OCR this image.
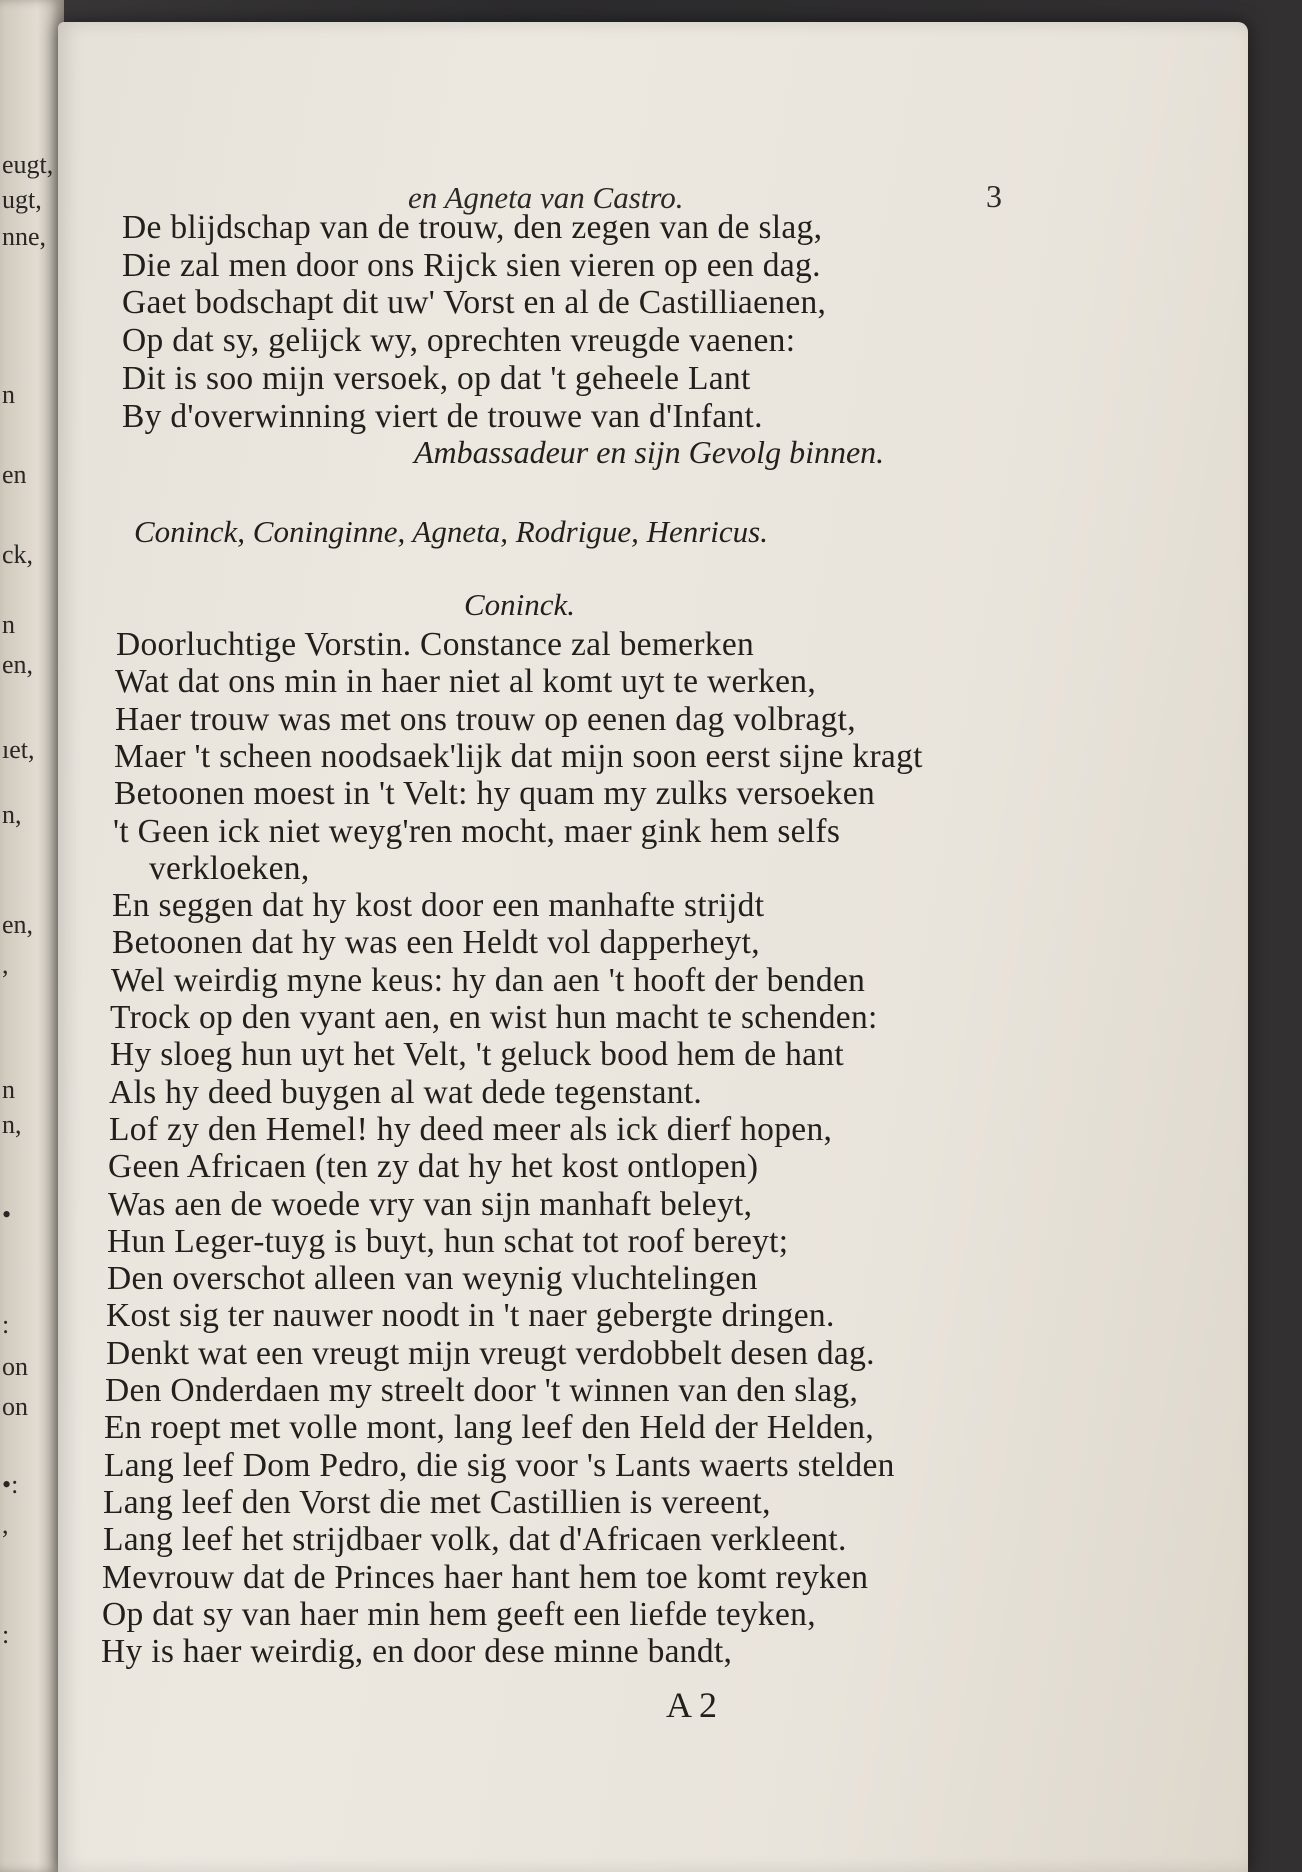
eugt,
ugt,
nne,
n
en
ck,
n
en,
ıet,
n,
en,
,
n
n,
•
:
on
on
•:
,
:
en Agneta van Castro.	3
De blijdschap van de trouw, den zegen van de slag,
Die zal men door ons Rijck sien vieren op een dag.
Gaet bodschapt dit uw' Vorst en al de Castilliaenen,
Op dat sy, gelijck wy, oprechten vreugde vaenen:
Dit is soo mijn versoek, op dat 't geheele Lant
By d'overwinning viert de trouwe van d'Infant.
Ambassadeur en sijn Gevolg binnen.
Coninck, Coninginne, Agneta, Rodrigue, Henricus.
Coninck.
Doorluchtige Vorstin. Constance zal bemerken
Wat dat ons min in haer niet al komt uyt te werken,
Haer trouw was met ons trouw op eenen dag volbragt,
Maer 't scheen noodsaek'lijk dat mijn soon eerst sijne kragt
Betoonen moest in 't Velt: hy quam my zulks versoeken
't Geen ick niet weyg'ren mocht, maer gink hem selfs
verkloeken,
En seggen dat hy kost door een manhafte strijdt
Betoonen dat hy was een Heldt vol dapperheyt,
Wel weirdig myne keus: hy dan aen 't hooft der benden
Trock op den vyant aen, en wist hun macht te schenden:
Hy sloeg hun uyt het Velt, 't geluck bood hem de hant
Als hy deed buygen al wat dede tegenstant.
Lof zy den Hemel! hy deed meer als ick dierf hopen,
Geen Africaen (ten zy dat hy het kost ontlopen)
Was aen de woede vry van sijn manhaft beleyt,
Hun Leger-tuyg is buyt, hun schat tot roof bereyt;
Den overschot alleen van weynig vluchtelingen
Kost sig ter nauwer noodt in 't naer gebergte dringen.
Denkt wat een vreugt mijn vreugt verdobbelt desen dag.
Den Onderdaen my streelt door 't winnen van den slag,
En roept met volle mont, lang leef den Held der Helden,
Lang leef Dom Pedro, die sig voor 's Lants waerts stelden
Lang leef den Vorst die met Castillien is vereent,
Lang leef het strijdbaer volk, dat d'Africaen verkleent.
Mevrouw dat de Princes haer hant hem toe komt reyken
Op dat sy van haer min hem geeft een liefde teyken,
Hy is haer weirdig, en door dese minne bandt,
A 2
